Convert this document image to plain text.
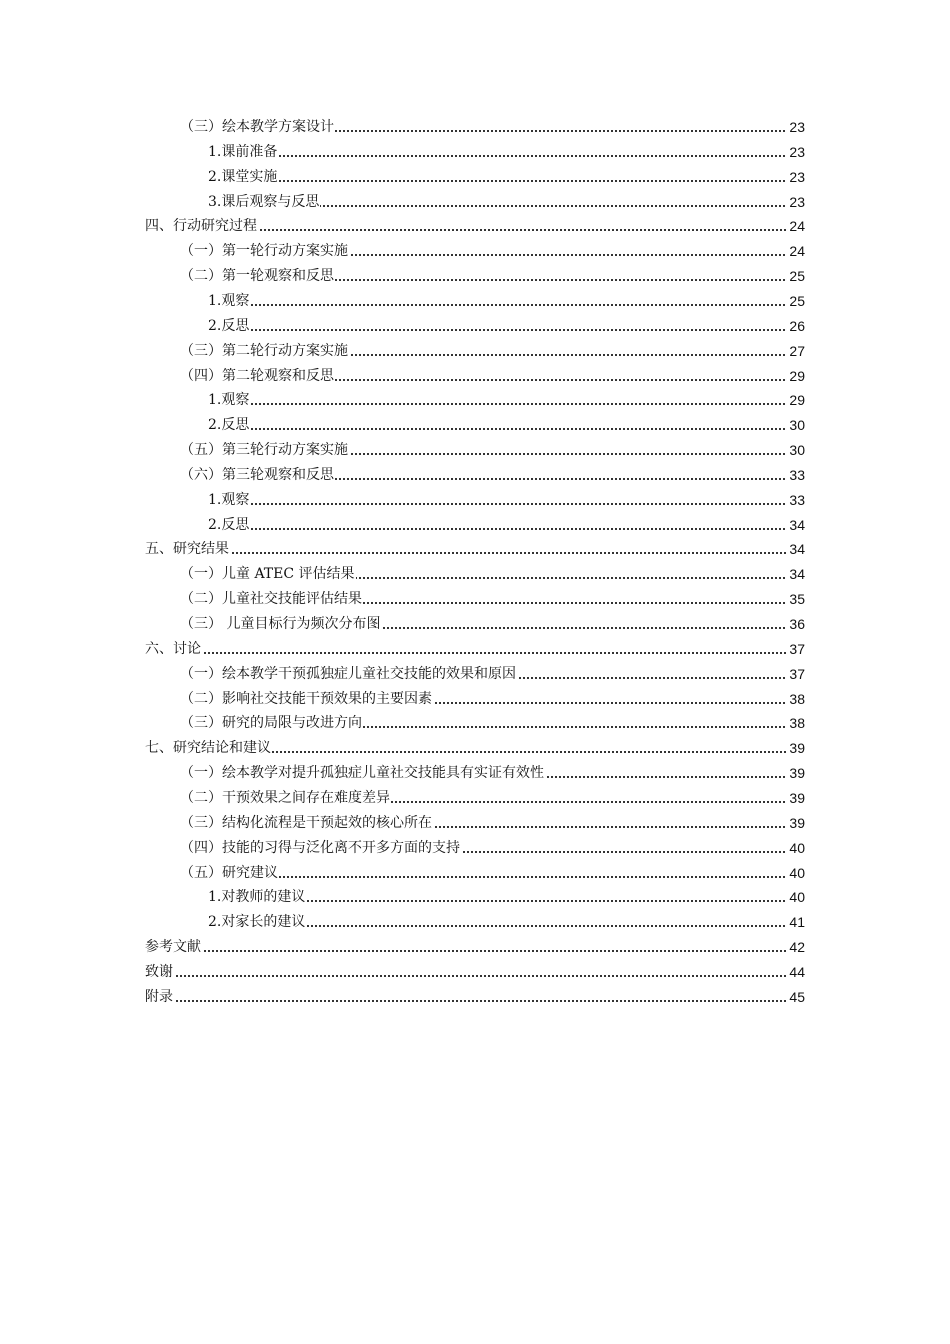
（三）绘本教学方案设计	23
1.课前准备	23
2.课堂实施	23
3.课后观察与反思	23
四、行动研究过程	24
（一）第一轮行动方案实施	24
（二）第一轮观察和反思	25
1.观察	25
2.反思	26
（三）第二轮行动方案实施	27
（四）第二轮观察和反思	29
1.观察	29
2.反思	30
（五）第三轮行动方案实施	30
（六）第三轮观察和反思	33
1.观察	33
2.反思	34
五、研究结果	34
（一）儿童 ATEC 评估结果	34
（二）儿童社交技能评估结果	35
（三） 儿童目标行为频次分布图	36
六、讨论	37
（一）绘本教学干预孤独症儿童社交技能的效果和原因	37
（二）影响社交技能干预效果的主要因素	38
（三）研究的局限与改进方向	38
七、研究结论和建议	39
（一）绘本教学对提升孤独症儿童社交技能具有实证有效性	39
（二）干预效果之间存在难度差异	39
（三）结构化流程是干预起效的核心所在	39
（四）技能的习得与泛化离不开多方面的支持	40
（五）研究建议	40
1.对教师的建议	40
2.对家长的建议	41
参考文献	42
致谢	44
附录	45
